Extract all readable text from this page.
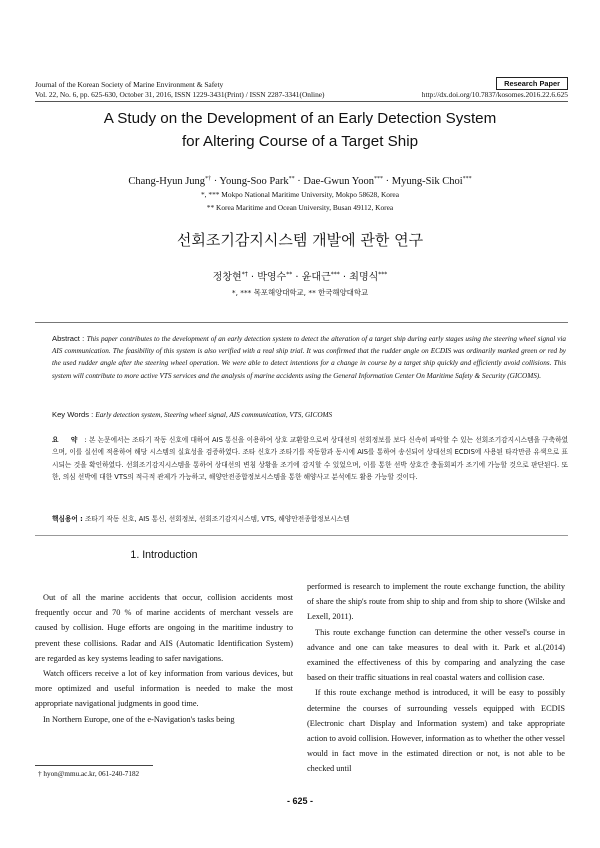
Journal of the Korean Society of Marine Environment & Safety
Vol. 22, No. 6, pp. 625-630, October 31, 2016, ISSN 1229-3431(Print) / ISSN 2287-3341(Online)
Research Paper
http://dx.doi.org/10.7837/kosomes.2016.22.6.625
A Study on the Development of an Early Detection System
for Altering Course of a Target Ship
Chang-Hyun Jung*† · Young-Soo Park** · Dae-Gwun Yoon*** · Myung-Sik Choi***
*, *** Mokpo National Maritime University, Mokpo 58628, Korea
** Korea Maritime and Ocean University, Busan 49112, Korea
선회조기감지시스템 개발에 관한 연구
정창현*† · 박영수** · 윤대근*** · 최명식***
*, *** 목포해양대학교, ** 한국해양대학교
Abstract : This paper contributes to the development of an early detection system to detect the alteration of a target ship during early stages using the steering wheel signal via AIS communication. The feasibility of this system is also verified with a real ship trial. It was confirmed that the rudder angle on ECDIS was ordinarily marked green or red by the used rudder angle after the steering wheel operation. We were able to detect intentions for a change in course by a target ship quickly and efficiently avoid collisions. This system will contribute to more active VTS services and the analysis of marine accidents using the General Information Center On Maritime Safety & Security (GICOMS).
Key Words : Early detection system, Steering wheel signal, AIS communication, VTS, GICOMS
요 약 : 본 논문에서는 조타기 작동 신호에 대하여 AIS 통신을 이용하여 상호 교환함으로써 상대선의 선회정보를 보다 신속히 파악할 수 있는 선회조기감지시스템을 구축하였으며, 이를 실선에 적용하여 해당 시스템의 실효성을 검증하였다. 조타 신호가 조타기를 작동함과 동시에 AIS를 통하여 송신되어 상대선의 ECDIS에 사용된 타각만큼 유색으로 표시되는 것을 확인하였다. 선회조기감지시스템을 통하여 상대선의 변침 상황을 조기에 감지할 수 있었으며, 이를 통한 선박 상호간 충돌회피가 조기에 가능할 것으로 판단된다. 또한, 의심 선박에 대한 VTS의 적극적 관제가 가능하고, 해양안전종합정보시스템을 통한 해양사고 분석에도 활용 가능할 것이다.
핵심용어 : 조타기 작동 신호, AIS 통신, 선회정보, 선회조기감지시스템, VTS, 해양안전종합정보시스템
1. Introduction

Out of all the marine accidents that occur, collision accidents most frequently occur and 70 % of marine accidents of merchant vessels are caused by collision. Huge efforts are ongoing in the maritime industry to prevent these collisions. Radar and AIS (Automatic Identification System) are regarded as key systems leading to safer navigations.

Watch officers receive a lot of key information from various devices, but more optimized and useful information is needed to make the most appropriate navigational judgments in good time.

In Northern Europe, one of the e-Navigation's tasks being

performed is research to implement the route exchange function, the ability of share the ship's route from ship to ship and from ship to shore (Wilske and Lexell, 2011).

This route exchange function can determine the other vessel's course in advance and one can take measures to deal with it. Park et al.(2014) examined the effectiveness of this by comparing and analyzing the case based on their traffic situations in real coastal waters and collision case.

If this route exchange method is introduced, it will be easy to possibly determine the courses of surrounding vessels equipped with ECDIS (Electronic chart Display and Information system) and take appropriate action to avoid collision. However, information as to whether the other vessel would in fact move in the estimated direction or not, is not able to be checked until

† hyon@mmu.ac.kr, 061-240-7182
- 625 -
